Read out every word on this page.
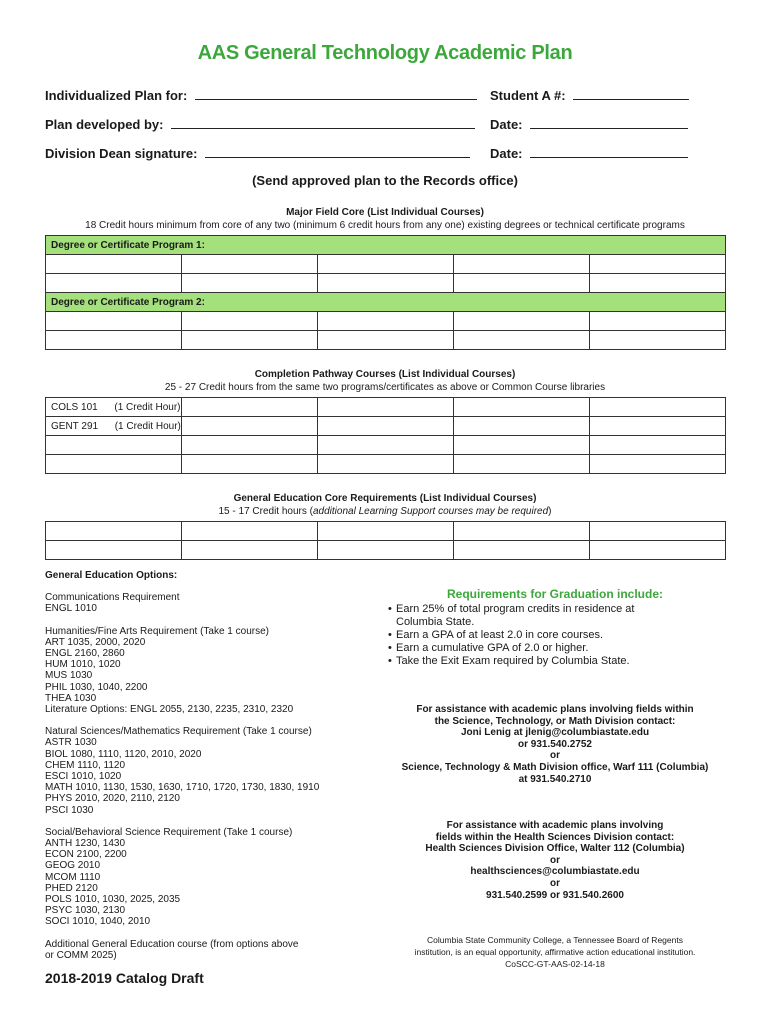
AAS General Technology Academic Plan
Individualized Plan for:	Student A #:
Plan developed by:	Date:
Division Dean signature:	Date:
(Send approved plan to the Records office)
Major Field Core (List Individual Courses)
18 Credit hours minimum from core of any two (minimum 6 credit hours from any one) existing degrees or technical certificate programs
Degree or Certificate Program 1:				

Degree or Certificate Program 2:				

Completion Pathway Courses (List Individual Courses)
25 - 27 Credit hours from the same two programs/certificates as above or Common Course libraries
COLS 101      (1 Credit Hour)				
GENT 291      (1 Credit Hour)				

General Education Core Requirements (List Individual Courses)
15 - 17 Credit hours (additional Learning Support courses may be required)

General Education Options:
Communications Requirement
ENGL 1010
Humanities/Fine Arts Requirement (Take 1 course)
ART 1035, 2000, 2020
ENGL 2160, 2860
HUM 1010, 1020
MUS 1030
PHIL 1030, 1040, 2200
THEA 1030
Literature Options: ENGL 2055, 2130, 2235, 2310, 2320
Natural Sciences/Mathematics Requirement (Take 1 course)
ASTR 1030
BIOL 1080, 1110, 1120, 2010, 2020
CHEM 1110, 1120
ESCI 1010, 1020
MATH 1010, 1130, 1530, 1630, 1710, 1720, 1730, 1830, 1910
PHYS 2010, 2020, 2110, 2120
PSCI 1030
Social/Behavioral Science Requirement (Take 1 course)
ANTH 1230, 1430
ECON 2100, 2200
GEOG 2010
MCOM 1110
PHED 2120
POLS 1010, 1030, 2025, 2035
PSYC 1030, 2130
SOCI 1010, 1040, 2010
Additional General Education course (from options above
or COMM 2025)
Requirements for Graduation include:
• Earn 25% of total program credits in residence at Columbia State.
• Earn a GPA of at least 2.0 in core courses.
• Earn a cumulative GPA of 2.0 or higher.
• Take the Exit Exam required by Columbia State.
For assistance with academic plans involving fields within
the Science, Technology, or Math Division contact:
Joni Lenig at jlenig@columbiastate.edu
or 931.540.2752
or
Science, Technology & Math Division office, Warf 111 (Columbia)
at 931.540.2710
For assistance with academic plans involving
fields within the Health Sciences Division contact:
Health Sciences Division Office, Walter 112 (Columbia)
or
healthsciences@columbiastate.edu
or
931.540.2599 or 931.540.2600
Columbia State Community College, a Tennessee Board of Regents
institution, is an equal opportunity, affirmative action educational institution.
CoSCC-GT-AAS-02-14-18
2018-2019 Catalog Draft
